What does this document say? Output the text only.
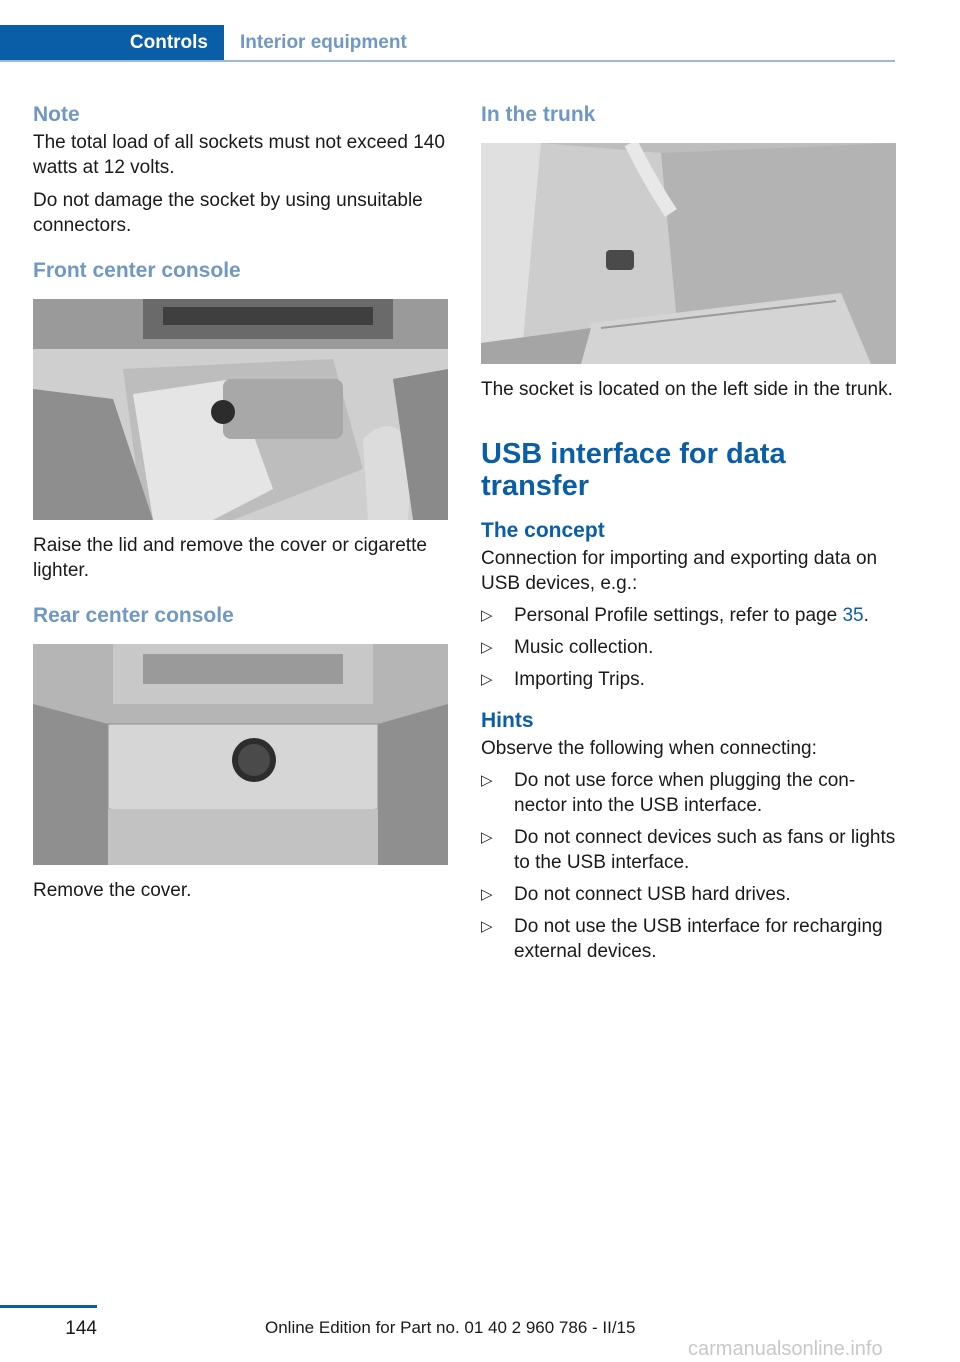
Controls	Interior equipment
Note

The total load of all sockets must not exceed 140 watts at 12 volts.

Do not damage the socket by using unsuitable connectors.

Front center console

Raise the lid and remove the cover or cigarette lighter.

Rear center console

Remove the cover.

In the trunk

The socket is located on the left side in the trunk.

USB interface for data transfer
The concept

Connection for importing and exporting data on USB devices, e.g.:

▷ Personal Profile settings, refer to page 35.
▷ Music collection.
▷ Importing Trips.
Hints

Observe the following when connecting:

▷ Do not use force when plugging the connector into the USB interface.
▷ Do not connect devices such as fans or lights to the USB interface.
▷ Do not connect USB hard drives.
▷ Do not use the USB interface for recharging external devices.
144	Online Edition for Part no. 01 40 2 960 786 - II/15
carmanualsonline.info
